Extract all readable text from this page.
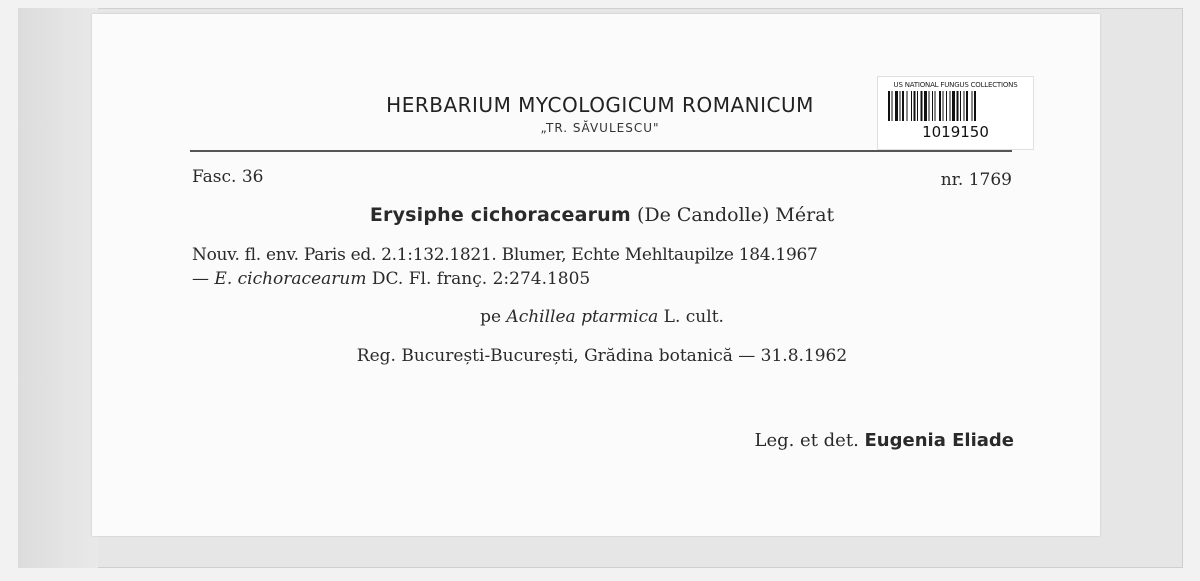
US NATIONAL FUNGUS COLLECTIONS
1019150
HERBARIUM MYCOLOGICUM ROMANICUM
„TR. SĂVULESCU"
Fasc. 36	nr. 1769
Erysiphe cichoracearum (De Candolle) Mérat
Nouv. fl. env. Paris ed. 2.1:132.1821. Blumer, Echte Mehltaupilze 184.1967
— E. cichoracearum DC. Fl. franç. 2:274.1805
pe Achillea ptarmica L. cult.
Reg. București-București, Grădina botanică — 31.8.1962
Leg. et det. Eugenia Eliade
